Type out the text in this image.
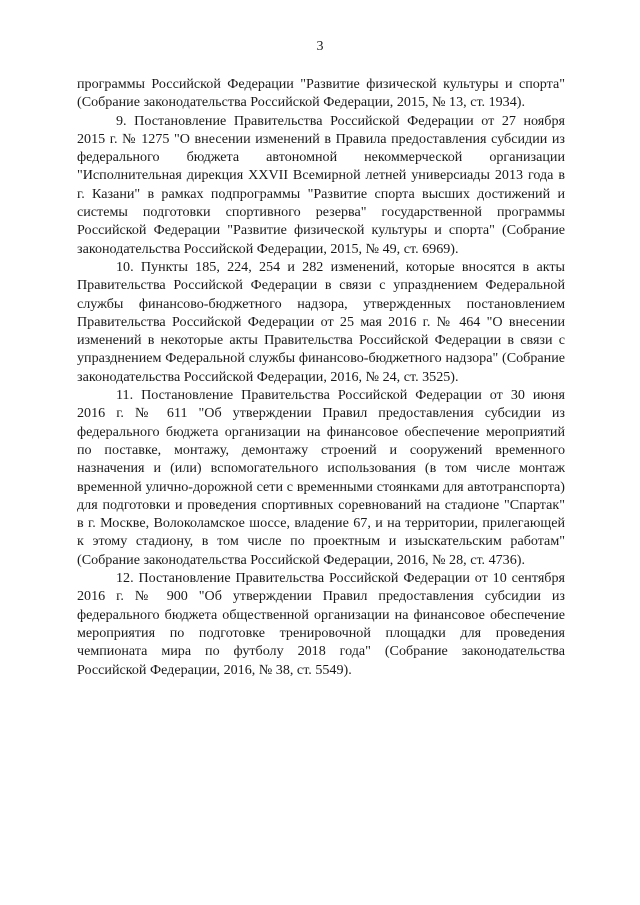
3

программы Российской Федерации "Развитие физической культуры и спорта" (Собрание законодательства Российской Федерации, 2015, № 13, ст. 1934).

9. Постановление Правительства Российской Федерации от 27 ноября 2015 г. № 1275 "О внесении изменений в Правила предоставления субсидии из федерального бюджета автономной некоммерческой организации "Исполнительная дирекция XXVII Всемирной летней универсиады 2013 года в г. Казани" в рамках подпрограммы "Развитие спорта высших достижений и системы подготовки спортивного резерва" государственной программы Российской Федерации "Развитие физической культуры и спорта" (Собрание законодательства Российской Федерации, 2015, № 49, ст. 6969).

10. Пункты 185, 224, 254 и 282 изменений, которые вносятся в акты Правительства Российской Федерации в связи с упразднением Федеральной службы финансово-бюджетного надзора, утвержденных постановлением Правительства Российской Федерации от 25 мая 2016 г. № 464 "О внесении изменений в некоторые акты Правительства Российской Федерации в связи с упразднением Федеральной службы финансово-бюджетного надзора" (Собрание законодательства Российской Федерации, 2016, № 24, ст. 3525).

11. Постановление Правительства Российской Федерации от 30 июня 2016 г. № 611 "Об утверждении Правил предоставления субсидии из федерального бюджета организации на финансовое обеспечение мероприятий по поставке, монтажу, демонтажу строений и сооружений временного назначения и (или) вспомогательного использования (в том числе монтаж временной улично-дорожной сети с временными стоянками для автотранспорта) для подготовки и проведения спортивных соревнований на стадионе "Спартак" в г. Москве, Волоколамское шоссе, владение 67, и на территории, прилегающей к этому стадиону, в том числе по проектным и изыскательским работам" (Собрание законодательства Российской Федерации, 2016, № 28, ст. 4736).

12. Постановление Правительства Российской Федерации от 10 сентября 2016 г. № 900 "Об утверждении Правил предоставления субсидии из федерального бюджета общественной организации на финансовое обеспечение мероприятия по подготовке тренировочной площадки для проведения чемпионата мира по футболу 2018 года" (Собрание законодательства Российской Федерации, 2016, № 38, ст. 5549).
